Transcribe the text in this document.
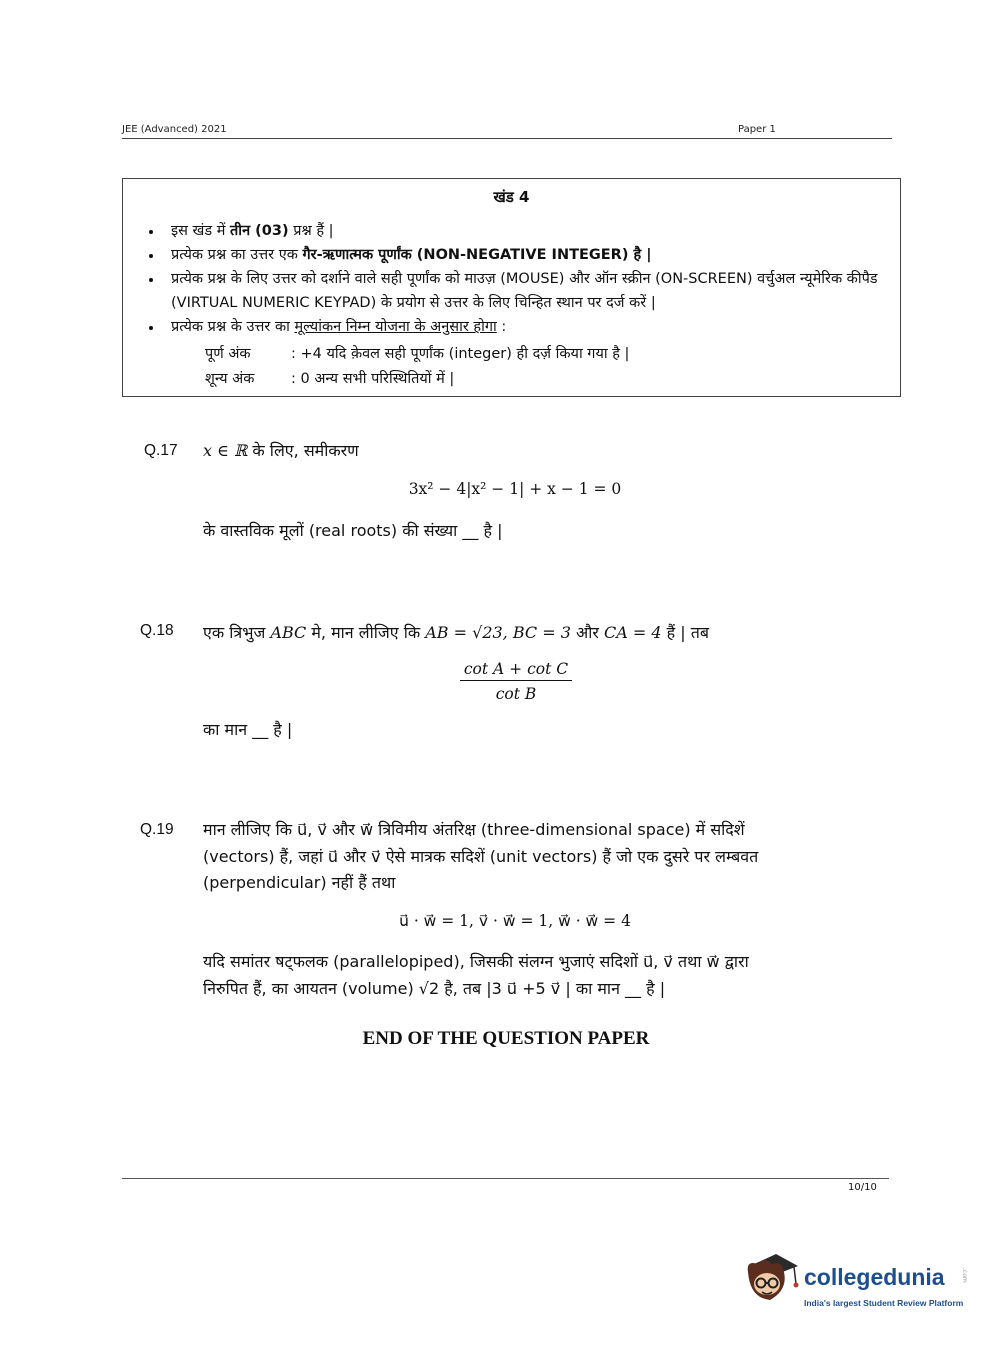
JEE (Advanced) 2021	Paper 1
खंड 4
• इस खंड में तीन (03) प्रश्न हैं |
• प्रत्येक प्रश्न का उत्तर एक गैर-ऋणात्मक पूर्णांक (NON-NEGATIVE INTEGER) है |
• प्रत्येक प्रश्न के लिए उत्तर को दर्शाने वाले सही पूर्णांक को माउज़ (MOUSE) और ऑन स्क्रीन (ON-SCREEN) वर्चुअल न्यूमेरिक कीपैड (VIRTUAL NUMERIC KEYPAD) के प्रयोग से उत्तर के लिए चिन्हित स्थान पर दर्ज करें |
• प्रत्येक प्रश्न के उत्तर का मूल्यांकन निम्न योजना के अनुसार होगा :
पूर्ण अंक	: +4 यदि क़ेवल सही पूर्णांक (integer) ही दर्ज़ किया गया है |
शून्य अंक	: 0 अन्य सभी परिस्थितियों में |
Q.17 x ∈ ℝ के लिए, समीकरण
3x² − 4|x² − 1| + x − 1 = 0
के वास्तविक मूलों (real roots) की संख्या __ है |
Q.18 एक त्रिभुज ABC मे, मान लीजिए कि AB = √23, BC = 3 और CA = 4 हैं | तब
$\frac{\text{cot A + cot C}}{\text{cot B}}$
का मान __ है |
Q.19 मान लीजिए कि u⃗, v⃗ और w⃗ त्रिविमीय अंतरिक्ष (three-dimensional space) में सदिशें
(vectors) हैं, जहां u⃗ और v⃗ ऐसे मात्रक सदिशें (unit vectors) हैं जो एक दुसरे पर लम्बवत
(perpendicular) नहीं हैं तथा
u⃗ · w⃗ = 1, v⃗ · w⃗ = 1, w⃗ · w⃗ = 4
यदि समांतर षट्फलक (parallelopiped), जिसकी संलग्न भुजाएं सदिशों u⃗, v⃗ तथा w⃗ द्वारा
निरुपित हैं, का आयतन (volume) √2 है, तब |3 u⃗ +5 v⃗ | का मान __ है |
END OF THE QUESTION PAPER
10/10
collegedunia	.com
India's largest Student Review Platform
